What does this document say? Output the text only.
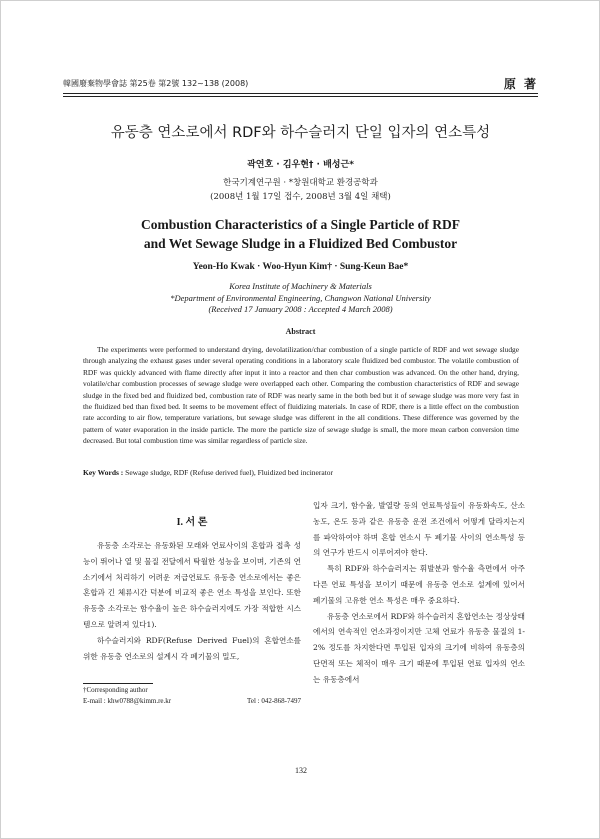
韓國廢棄物學會誌 第25卷 第2號 132~138 (2008)	原 著
유동층 연소로에서 RDF와 하수슬러지 단일 입자의 연소특성
곽연호 · 김우현† · 배성근*
한국기계연구원 · *창원대학교 환경공학과
(2008년 1월 17일 접수, 2008년 3월 4일 채택)
Combustion Characteristics of a Single Particle of RDF
and Wet Sewage Sludge in a Fluidized Bed Combustor
Yeon-Ho Kwak · Woo-Hyun Kim† · Sung-Keun Bae*
Korea Institute of Machinery & Materials
*Department of Environmental Engineering, Changwon National University
(Received 17 January 2008 : Accepted 4 March 2008)
Abstract
The experiments were performed to understand drying, devolatilization/char combustion of a single particle of RDF and wet sewage sludge through analyzing the exhaust gases under several operating conditions in a laboratory scale fluidized bed combustor. The volatile combustion of RDF was quickly advanced with flame directly after input it into a reactor and then char combustion was advanced. On the other hand, drying, volatile/char combustion processes of sewage sludge were overlapped each other. Comparing the combustion characteristics of RDF and sewage sludge in the fixed bed and fluidized bed, combustion rate of RDF was nearly same in the both bed but it of sewage sludge was more very fast in the fluidized bed than fixed bed. It seems to be movement effect of fluidizing materials. In case of RDF, there is a little effect on the combustion rate according to air flow, temperature variations, but sewage sludge was different in the all conditions. These difference was governed by the pattern of water evaporation in the inside particle. The more the particle size of sewage sludge is small, the more mean carbon conversion time decreased. But total combustion time was similar regardless of particle size.
Key Words : Sewage sludge, RDF (Refuse derived fuel), Fluidized bed incinerator
I. 서 론

유동층 소각로는 유동화된 모래와 연료사이의 혼합과 접촉 성능이 뛰어나 열 및 물질 전달에서 탁월한 성능을 보이며, 기존의 연소기에서 처리하기 어려운 저급연료도 유동층 연소로에서는 좋은 혼합과 긴 체류시간 덕분에 비교적 좋은 연소 특성을 보인다. 또한 유동층 소각로는 함수율이 높은 하수슬러지에도 가장 적합한 시스템으로 알려져 있다1).

하수슬러지와 RDF(Refuse Derived Fuel)의 혼합연소를 위한 유동층 연소로의 설계시 각 폐기물의 밀도,

입자 크기, 함수율, 발열량 등의 연료특성들이 유동화속도, 산소 농도, 온도 등과 같은 유동층 운전 조건에서 어떻게 달라지는지를 파악하여야 하며 혼합 연소시 두 폐기물 사이의 연소특성 등의 연구가 반드시 이루어져야 한다.

특히 RDF와 하수슬러지는 휘발분과 함수율 측면에서 아주 다른 연료 특성을 보이기 때문에 유동층 연소로 설계에 있어서 폐기물의 고유한 연소 특성은 매우 중요하다.

유동층 연소로에서 RDF와 하수슬러지 혼합연소는 정상상태에서의 연속적인 연소과정이지만 고체 연료가 유동층 물질의 1-2% 정도를 차지한다면 투입된 입자의 크기에 비하여 유동층의 단면적 또는 체적이 매우 크기 때문에 투입된 연료 입자의 연소는 유동층에서

†Corresponding author
E-mail : khw0788@kimm.re.kr	Tel : 042-868-7497
132
